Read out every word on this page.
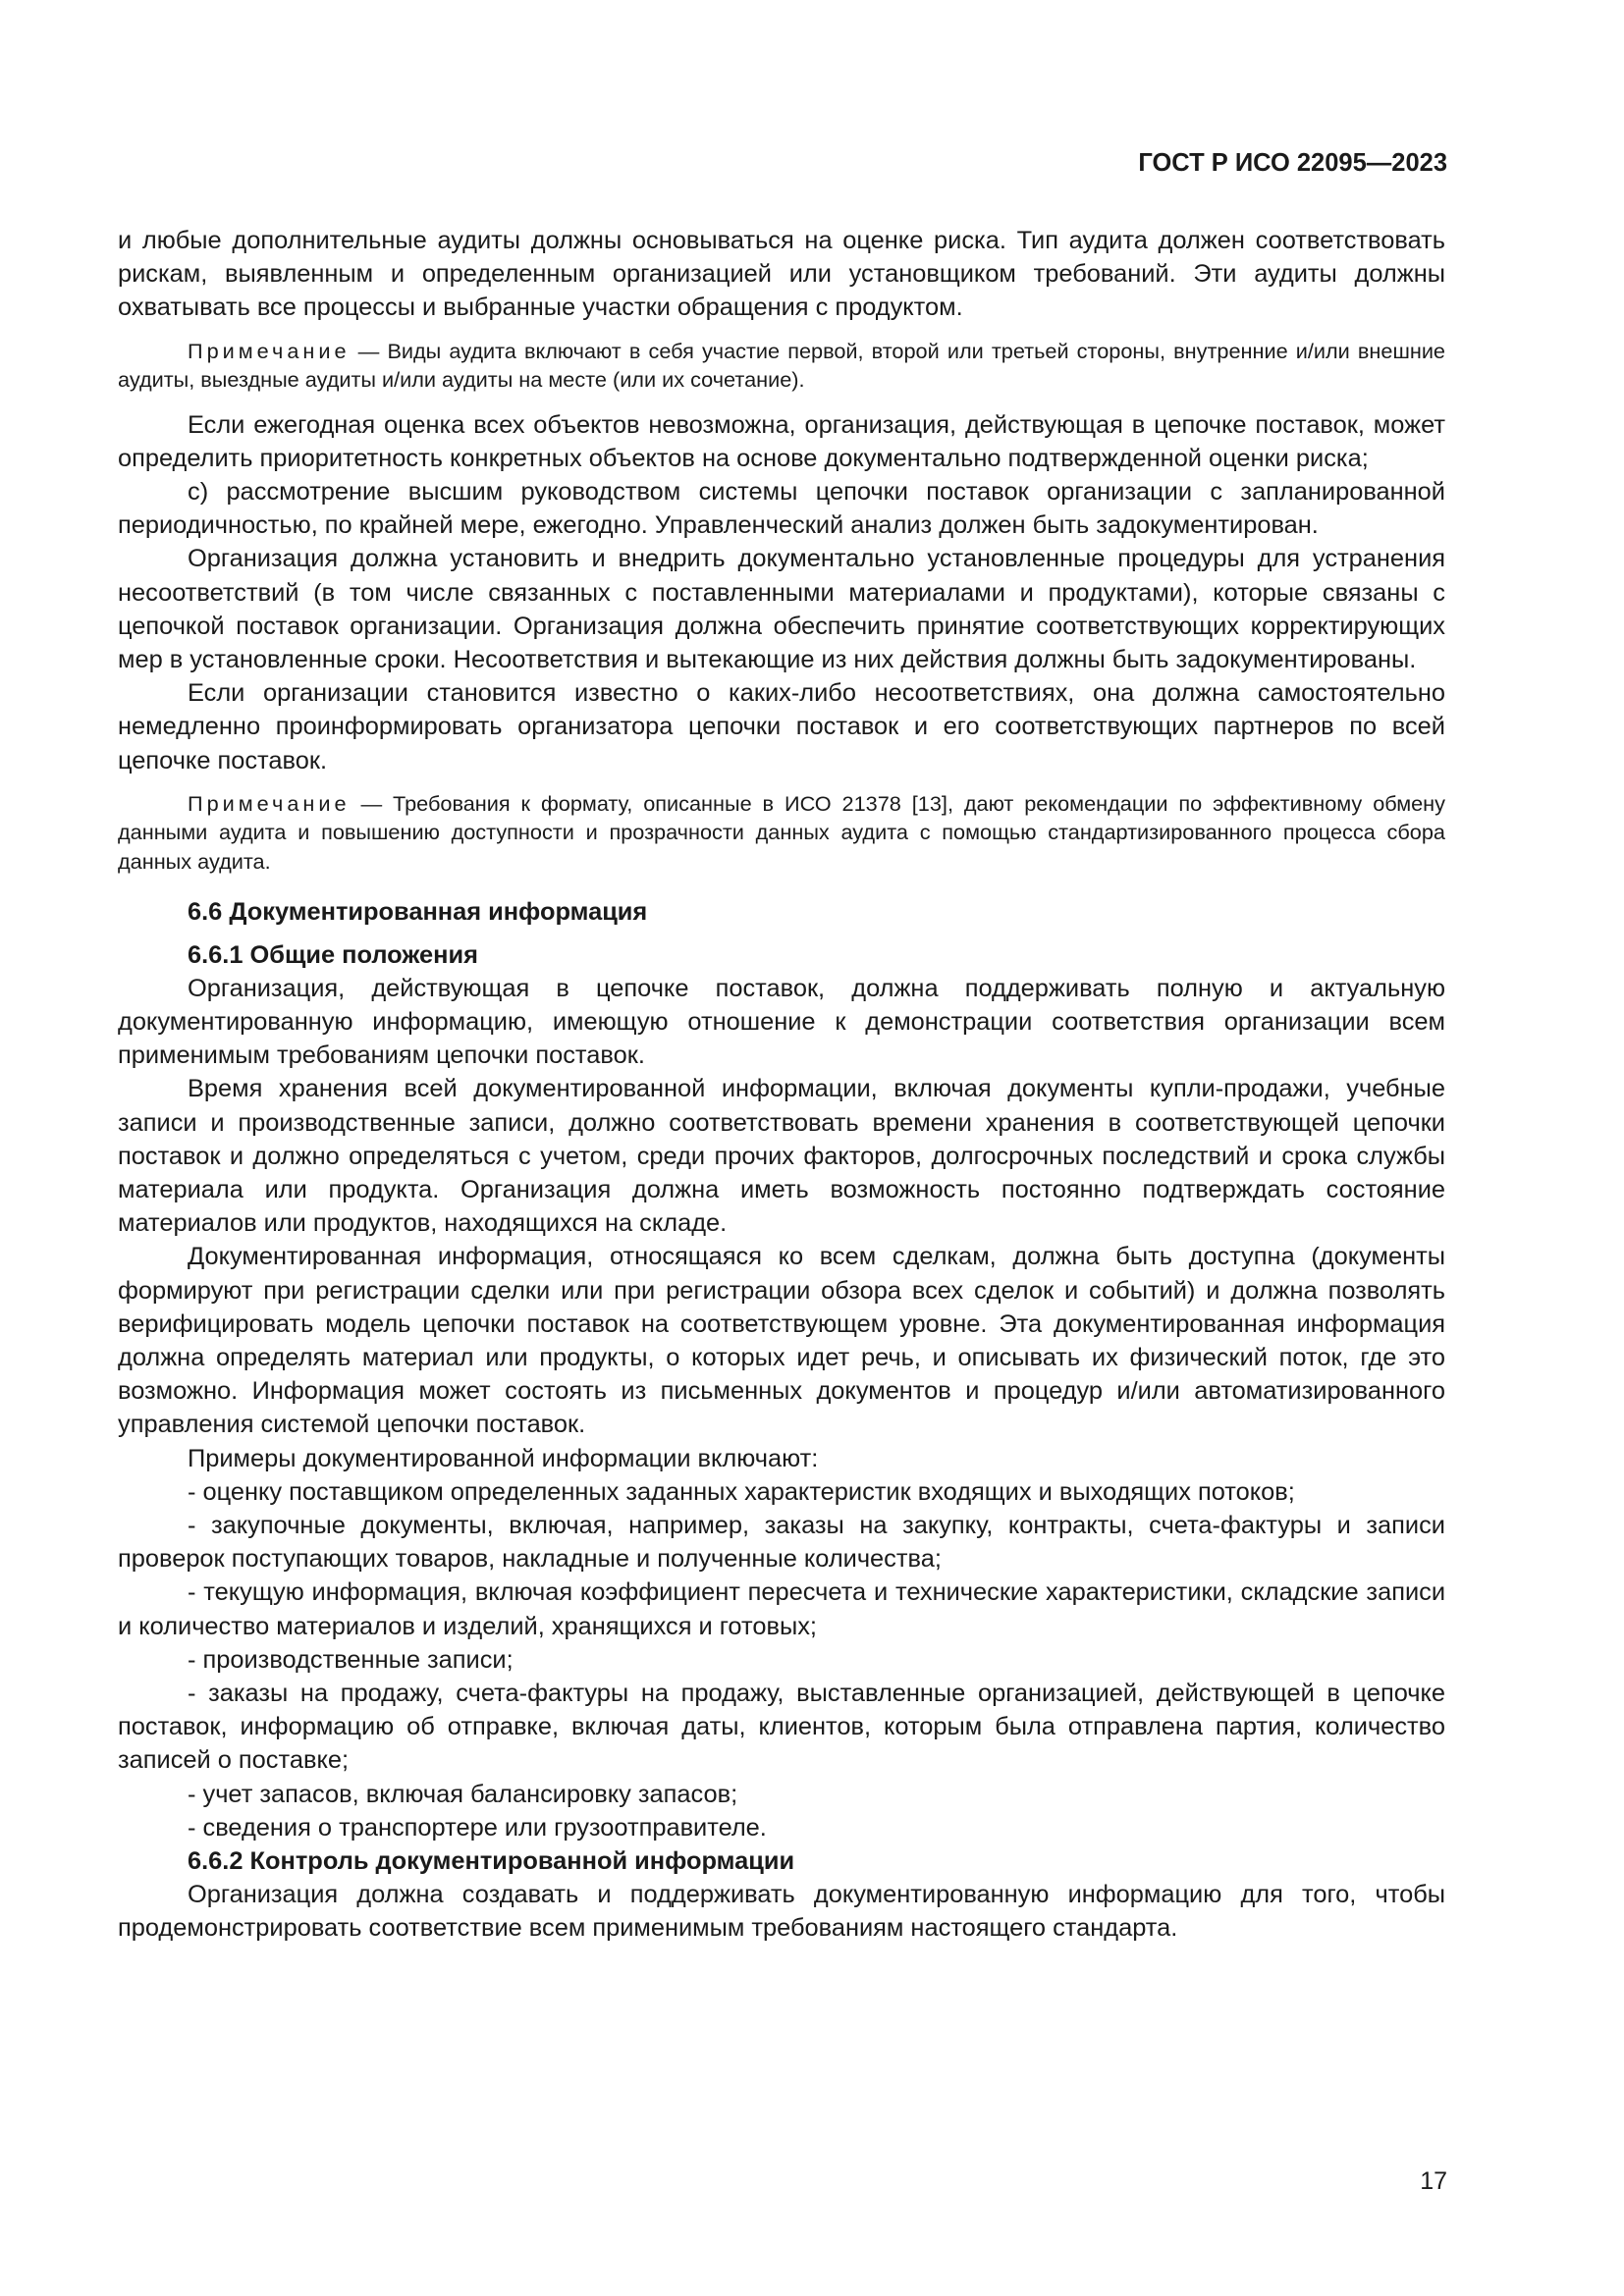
ГОСТ Р ИСО 22095—2023

и любые дополнительные аудиты должны основываться на оценке риска. Тип аудита должен соответствовать рискам, выявленным и определенным организацией или установщиком требований. Эти аудиты должны охватывать все процессы и выбранные участки обращения с продуктом.

Примечание — Виды аудита включают в себя участие первой, второй или третьей стороны, внутренние и/или внешние аудиты, выездные аудиты и/или аудиты на месте (или их сочетание).

Если ежегодная оценка всех объектов невозможна, организация, действующая в цепочке поставок, может определить приоритетность конкретных объектов на основе документально подтвержденной оценки риска;

с) рассмотрение высшим руководством системы цепочки поставок организации с запланированной периодичностью, по крайней мере, ежегодно. Управленческий анализ должен быть задокументирован.

Организация должна установить и внедрить документально установленные процедуры для устранения несоответствий (в том числе связанных с поставленными материалами и продуктами), которые связаны с цепочкой поставок организации. Организация должна обеспечить принятие соответствующих корректирующих мер в установленные сроки. Несоответствия и вытекающие из них действия должны быть задокументированы.

Если организации становится известно о каких-либо несоответствиях, она должна самостоятельно немедленно проинформировать организатора цепочки поставок и его соответствующих партнеров по всей цепочке поставок.

Примечание — Требования к формату, описанные в ИСО 21378 [13], дают рекомендации по эффективному обмену данными аудита и повышению доступности и прозрачности данных аудита с помощью стандартизированного процесса сбора данных аудита.

6.6 Документированная информация

6.6.1 Общие положения

Организация, действующая в цепочке поставок, должна поддерживать полную и актуальную документированную информацию, имеющую отношение к демонстрации соответствия организации всем применимым требованиям цепочки поставок.

Время хранения всей документированной информации, включая документы купли-продажи, учебные записи и производственные записи, должно соответствовать времени хранения в соответствующей цепочки поставок и должно определяться с учетом, среди прочих факторов, долгосрочных последствий и срока службы материала или продукта. Организация должна иметь возможность постоянно подтверждать состояние материалов или продуктов, находящихся на складе.

Документированная информация, относящаяся ко всем сделкам, должна быть доступна (документы формируют при регистрации сделки или при регистрации обзора всех сделок и событий) и должна позволять верифицировать модель цепочки поставок на соответствующем уровне. Эта документированная информация должна определять материал или продукты, о которых идет речь, и описывать их физический поток, где это возможно. Информация может состоять из письменных документов и процедур и/или автоматизированного управления системой цепочки поставок.

Примеры документированной информации включают:

- оценку поставщиком определенных заданных характеристик входящих и выходящих потоков;

- закупочные документы, включая, например, заказы на закупку, контракты, счета-фактуры и записи проверок поступающих товаров, накладные и полученные количества;

- текущую информация, включая коэффициент пересчета и технические характеристики, складские записи и количество материалов и изделий, хранящихся и готовых;

- производственные записи;

- заказы на продажу, счета-фактуры на продажу, выставленные организацией, действующей в цепочке поставок, информацию об отправке, включая даты, клиентов, которым была отправлена партия, количество записей о поставке;

- учет запасов, включая балансировку запасов;

- сведения о транспортере или грузоотправителе.

6.6.2 Контроль документированной информации

Организация должна создавать и поддерживать документированную информацию для того, чтобы продемонстрировать соответствие всем применимым требованиям настоящего стандарта.

17
